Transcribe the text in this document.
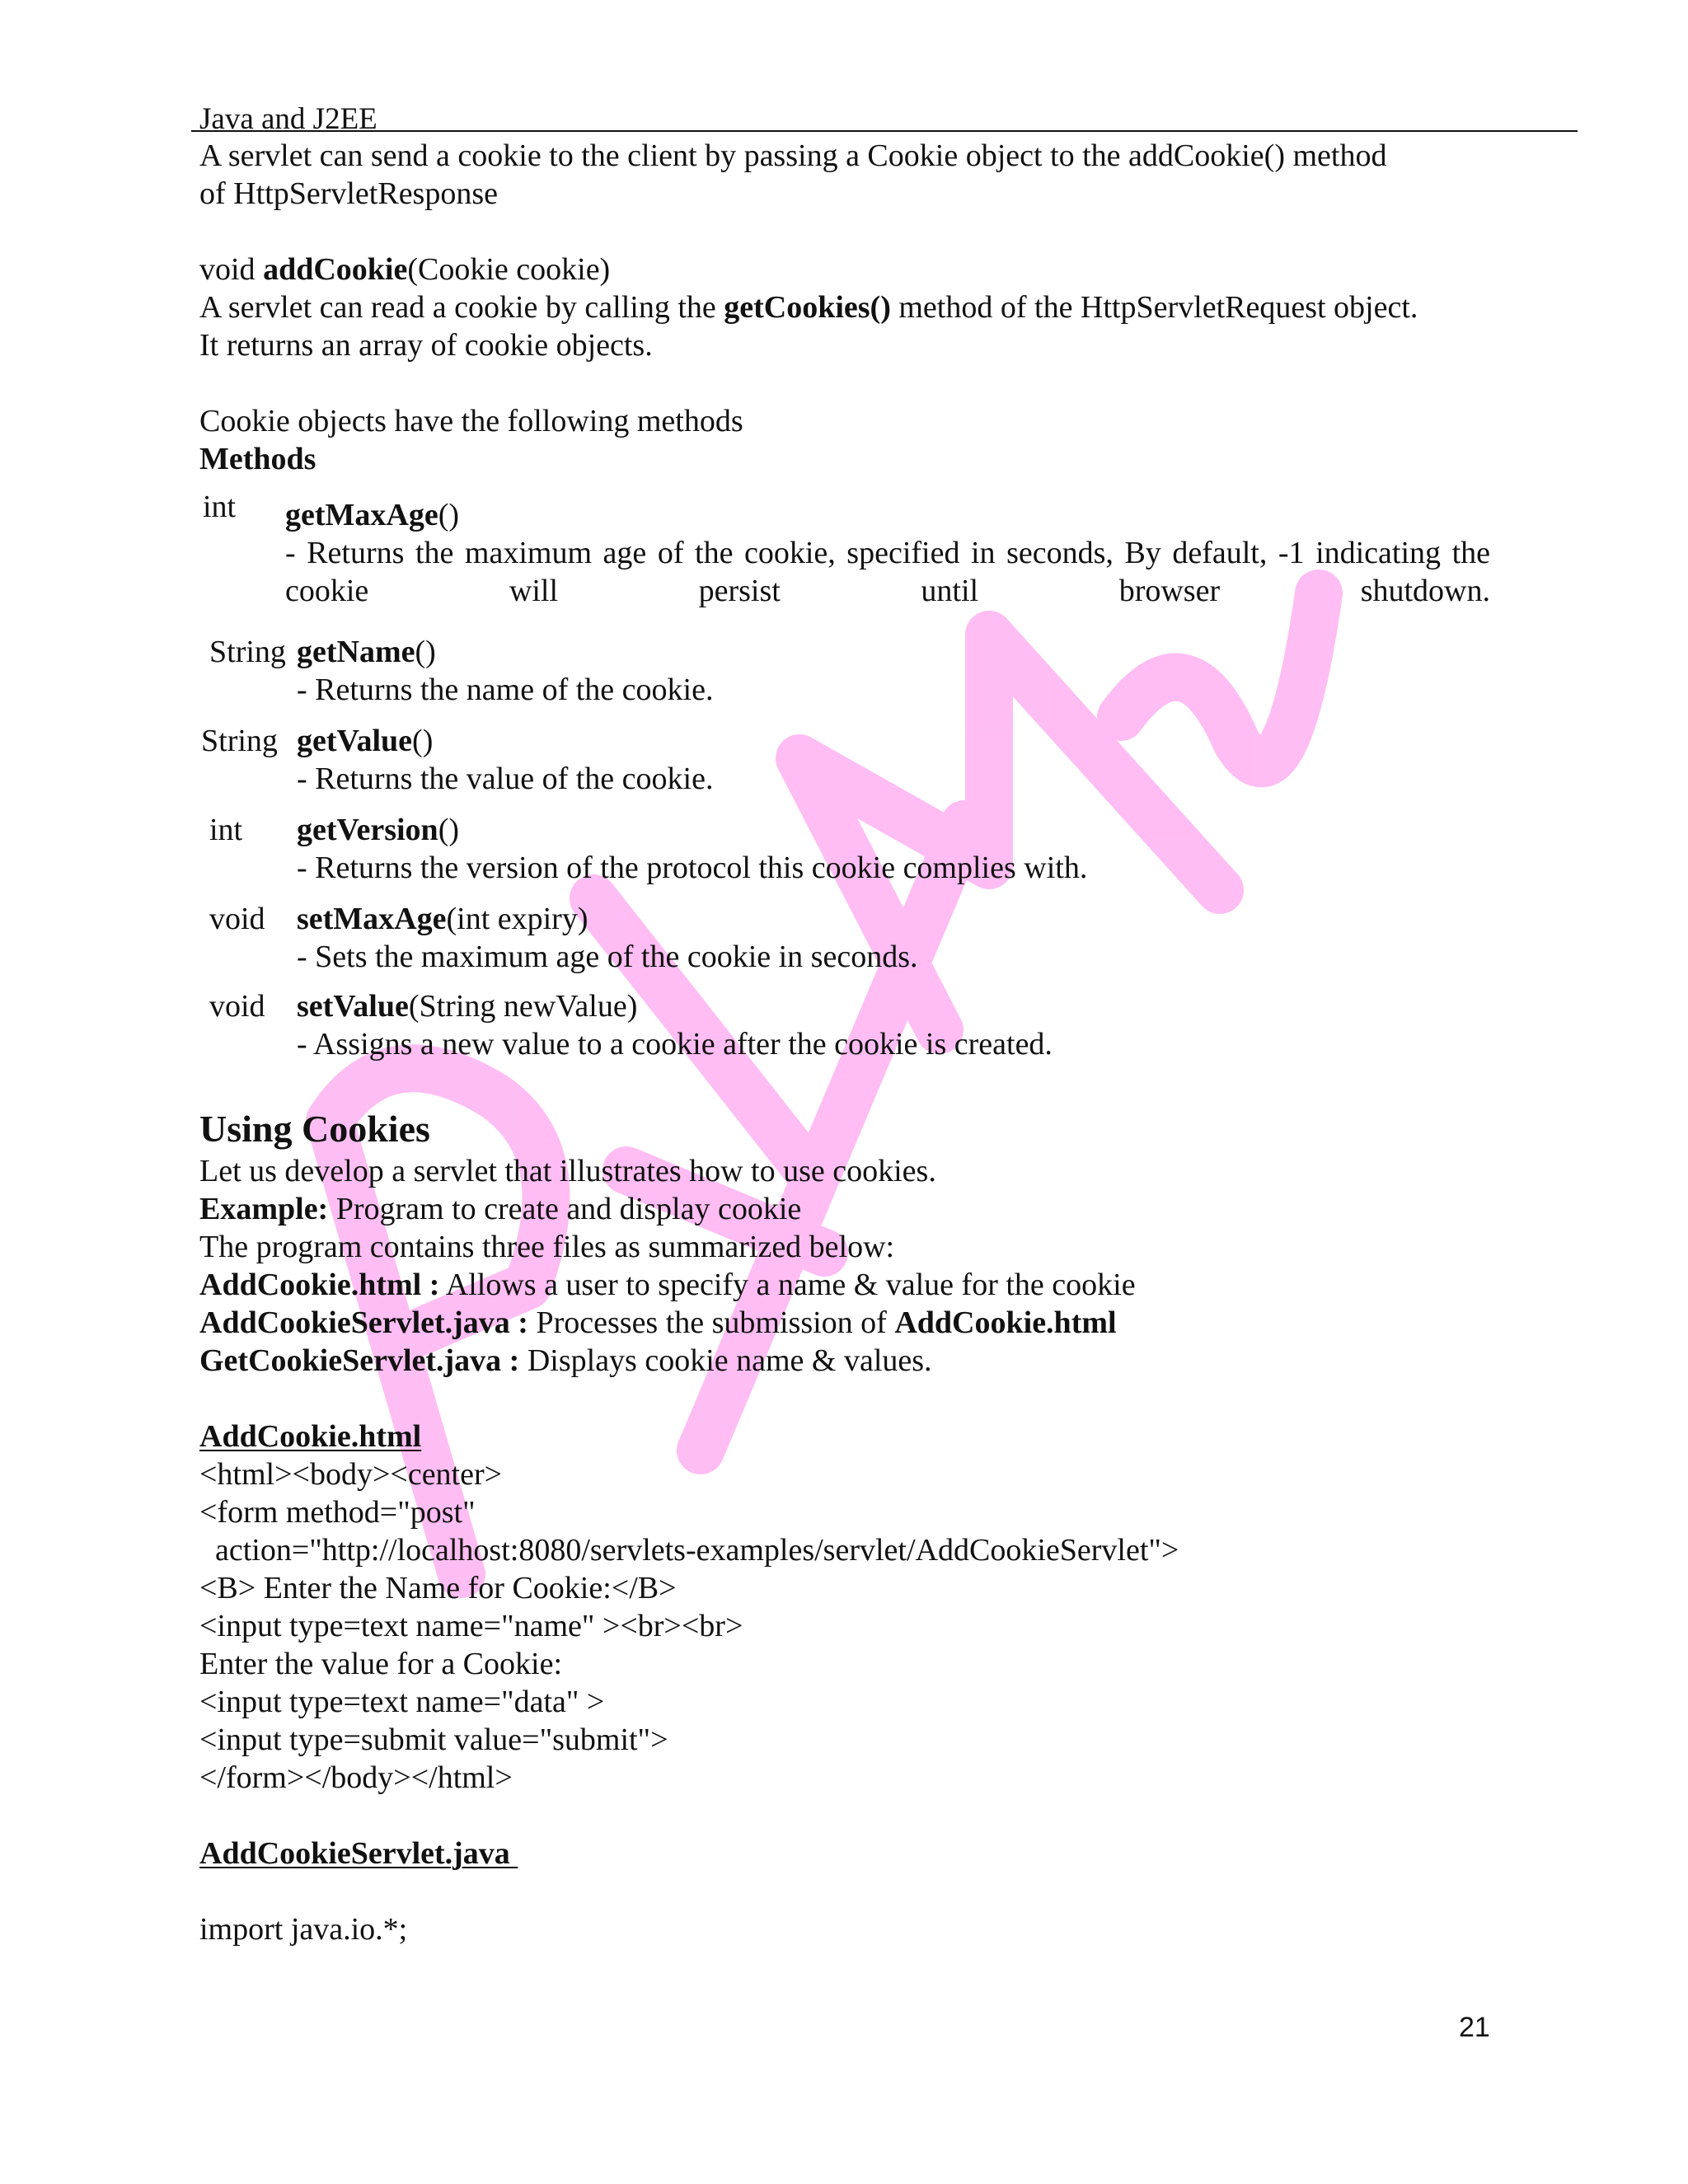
Java and J2EE

A servlet can send a cookie to the client by passing a Cookie object to the addCookie() method

of HttpServletResponse

void addCookie(Cookie cookie)

A servlet can read a cookie by calling the getCookies() method of the HttpServletRequest object.

It returns an array of cookie objects.

Cookie objects have the following methods

Methods

int getMaxAge()
- Returns the maximum age of the cookie, specified in seconds, By default, -1 indicating the cookie will persist until browser shutdown.
String getName()
- Returns the name of the cookie.
String getValue()
- Returns the value of the cookie.
int getVersion()
- Returns the version of the protocol this cookie complies with.
void setMaxAge(int expiry)
- Sets the maximum age of the cookie in seconds.
void setValue(String newValue)
- Assigns a new value to a cookie after the cookie is created.
Using Cookies

Let us develop a servlet that illustrates how to use cookies.

Example: Program to create and display cookie

The program contains three files as summarized below:

AddCookie.html : Allows a user to specify a name & value for the cookie

AddCookieServlet.java : Processes the submission of AddCookie.html

GetCookieServlet.java : Displays cookie name & values.

AddCookie.html

<html><body><center>

<form method="post"

action="http://localhost:8080/servlets-examples/servlet/AddCookieServlet">

<B> Enter the Name for Cookie:</B>

<input type=text name="name" ><br><br>

Enter the value for a Cookie:

<input type=text name="data" >

<input type=submit value="submit">

</form></body></html>

AddCookieServlet.java

import java.io.*;

21
